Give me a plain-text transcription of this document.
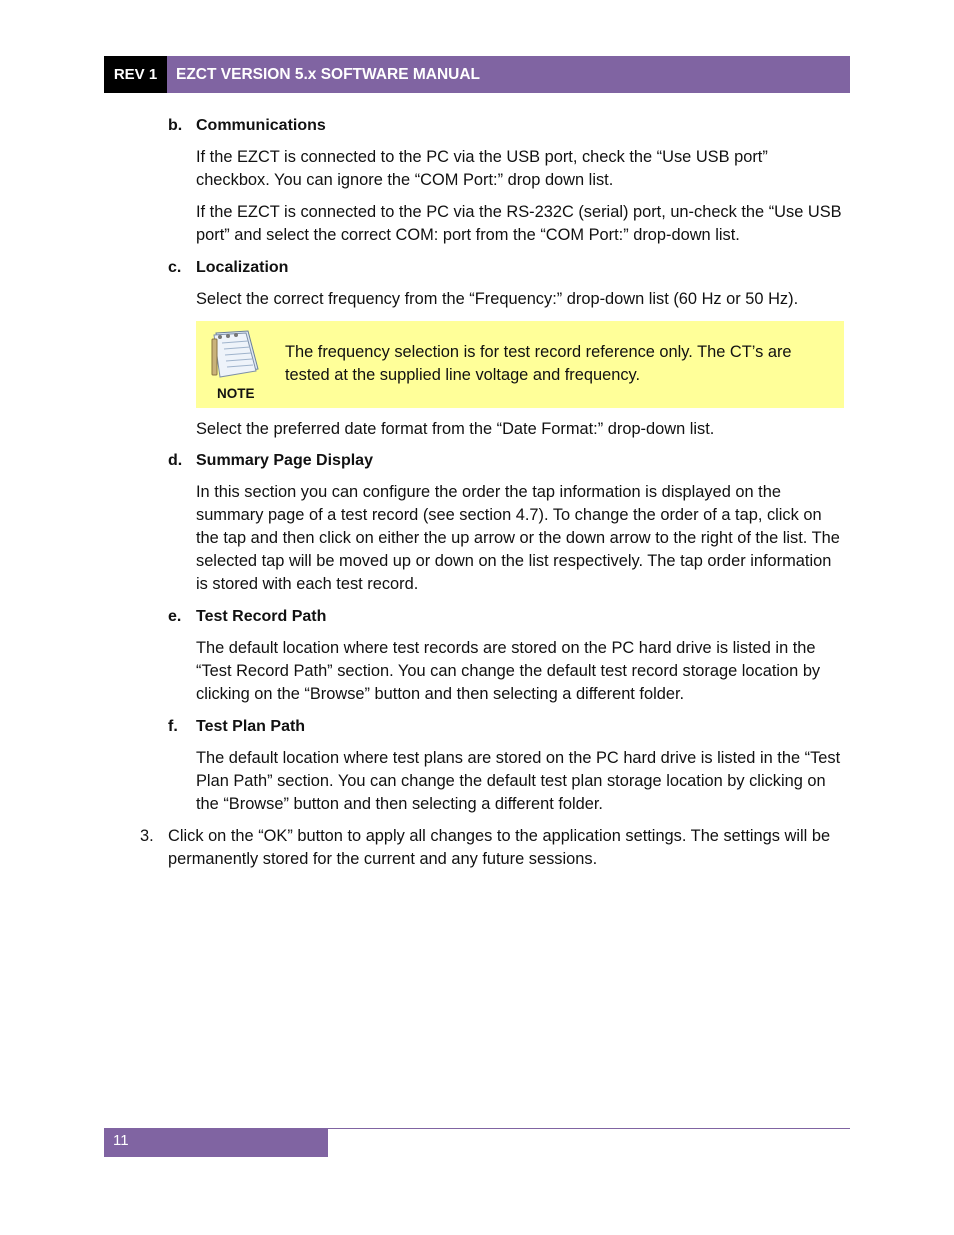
REV 1	EZCT VERSION 5.x SOFTWARE MANUAL
b. Communications
If the EZCT is connected to the PC via the USB port, check the “Use USB port” checkbox. You can ignore the “COM Port:” drop down list.
If the EZCT is connected to the PC via the RS-232C (serial) port, un-check the “Use USB port” and select the correct COM: port from the “COM Port:” drop-down list.
c. Localization
Select the correct frequency from the “Frequency:” drop-down list (60 Hz or 50 Hz).
NOTE
The frequency selection is for test record reference only. The CT’s are tested at the supplied line voltage and frequency.
Select the preferred date format from the “Date Format:” drop-down list.
d. Summary Page Display
In this section you can configure the order the tap information is displayed on the summary page of a test record (see section 4.7). To change the order of a tap, click on the tap and then click on either the up arrow or the down arrow to the right of the list. The selected tap will be moved up or down on the list respectively. The tap order information is stored with each test record.
e. Test Record Path
The default location where test records are stored on the PC hard drive is listed in the “Test Record Path” section. You can change the default test record storage location by clicking on the “Browse” button and then selecting a different folder.
f. Test Plan Path
The default location where test plans are stored on the PC hard drive is listed in the “Test Plan Path” section. You can change the default test plan storage location by clicking on the “Browse” button and then selecting a different folder.
3. Click on the “OK” button to apply all changes to the application settings. The settings will be permanently stored for the current and any future sessions.
11
